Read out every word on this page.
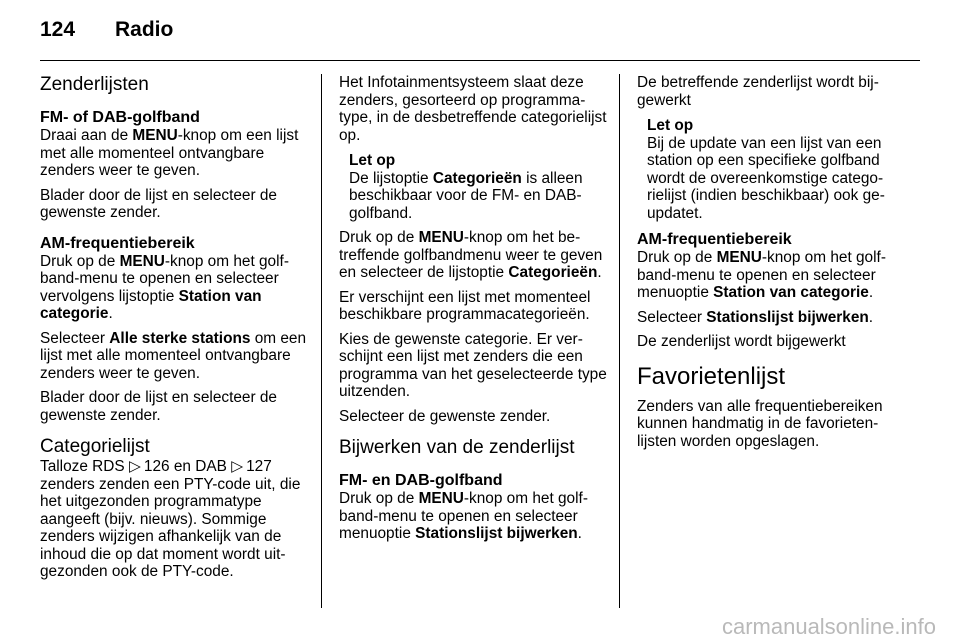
124 Radio
Zenderlijsten
FM- of DAB-golfband

Draai aan de MENU-knop om een lijst met alle momenteel ontvangbare zenders weer te geven.

Blader door de lijst en selecteer de gewenste zender.

AM-frequentiebereik

Druk op de MENU-knop om het golfband-menu te openen en selecteer vervolgens lijstoptie Station van categorie.

Selecteer Alle sterke stations om een lijst met alle momenteel ontvangbare zenders weer te geven.

Blader door de lijst en selecteer de gewenste zender.

Categorielijst

Talloze RDS ▷  126 en DAB ▷  127 zenders zenden een PTY-code uit, die het uitgezonden programmatype aangeeft (bijv. nieuws). Sommige zenders wijzigen afhankelijk van de inhoud die op dat moment wordt uitgezonden ook de PTY-code.

Het Infotainmentsysteem slaat deze zenders, gesorteerd op programmatype, in de desbetreffende categorielijst op.

Let op

De lijstoptie Categorieën is alleen beschikbaar voor de FM- en DAB-golfband.

Druk op de MENU-knop om het betreffende golfbandmenu weer te geven en selecteer de lijstoptie Categorieën.

Er verschijnt een lijst met momenteel beschikbare programmacategorieën.

Kies de gewenste categorie. Er verschijnt een lijst met zenders die een programma van het geselecteerde type uitzenden.

Selecteer de gewenste zender.

Bijwerken van de zenderlijst
FM- en DAB-golfband

Druk op de MENU-knop om het golfband-menu te openen en selecteer menuoptie Stationslijst bijwerken.

De betreffende zenderlijst wordt bijgewerkt

Let op

Bij de update van een lijst van een station op een specifieke golfband wordt de overeenkomstige categorielijst (indien beschikbaar) ook geupdatet.

AM-frequentiebereik

Druk op de MENU-knop om het golfband-menu te openen en selecteer menuoptie Station van categorie.

Selecteer Stationslijst bijwerken.

De zenderlijst wordt bijgewerkt

Favorietenlijst

Zenders van alle frequentiebereiken kunnen handmatig in de favorietenlijsten worden opgeslagen.

carmanualsonline.info
